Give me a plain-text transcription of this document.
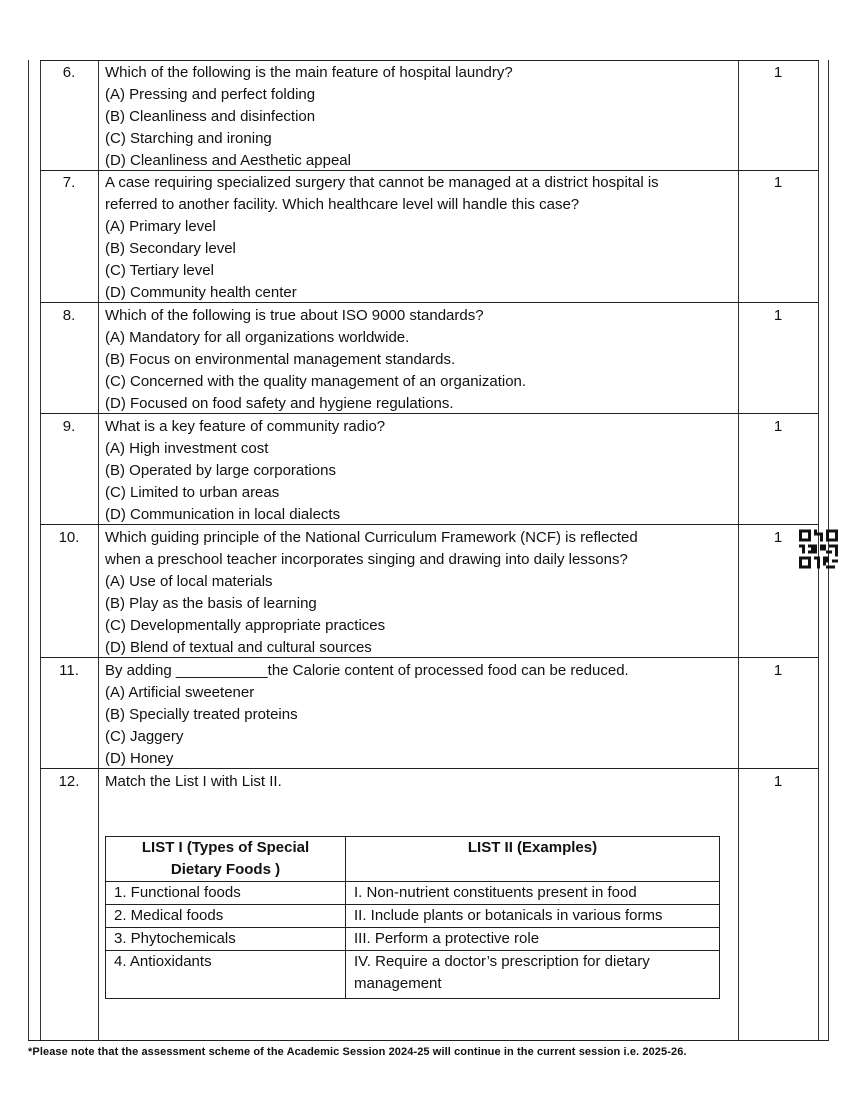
6.	Which of the following is the main feature of hospital laundry?
(A) Pressing and perfect folding
(B) Cleanliness and disinfection
(C) Starching and ironing
(D) Cleanliness and Aesthetic appeal
1
7.	A case requiring specialized surgery that cannot be managed at a district hospital is
referred to another facility. Which healthcare level will handle this case?
(A) Primary level
(B) Secondary level
(C) Tertiary level
(D) Community health center
1
8.	Which of the following is true about ISO 9000 standards?
(A) Mandatory for all organizations worldwide.
(B) Focus on environmental management standards.
(C) Concerned with the quality management of an organization.
(D) Focused on food safety and hygiene regulations.
1
9.	What is a key feature of community radio?
(A) High investment cost
(B) Operated by large corporations
(C) Limited to urban areas
(D) Communication in local dialects
1
10.	Which guiding principle of the National Curriculum Framework (NCF) is reflected
when a preschool teacher incorporates singing and drawing into daily lessons?
(A) Use of local materials
(B) Play as the basis of learning
(C) Developmentally appropriate practices
(D) Blend of textual and cultural sources
1
11.	By adding ___________the Calorie content of processed food can be reduced.
(A) Artificial sweetener
(B) Specially treated proteins
(C) Jaggery
(D) Honey
1
12.	Match the List I with List II.	1
LIST I (Types of Special Dietary Foods )	LIST II (Examples)
1. Functional foods	I. Non-nutrient constituents present in food
2. Medical foods	II. Include plants or botanicals in various forms
3. Phytochemicals	III. Perform a protective role
4. Antioxidants	IV. Require a doctor’s prescription for dietary management
*Please note that the assessment scheme of the Academic Session 2024-25 will continue in the current session i.e. 2025-26.
